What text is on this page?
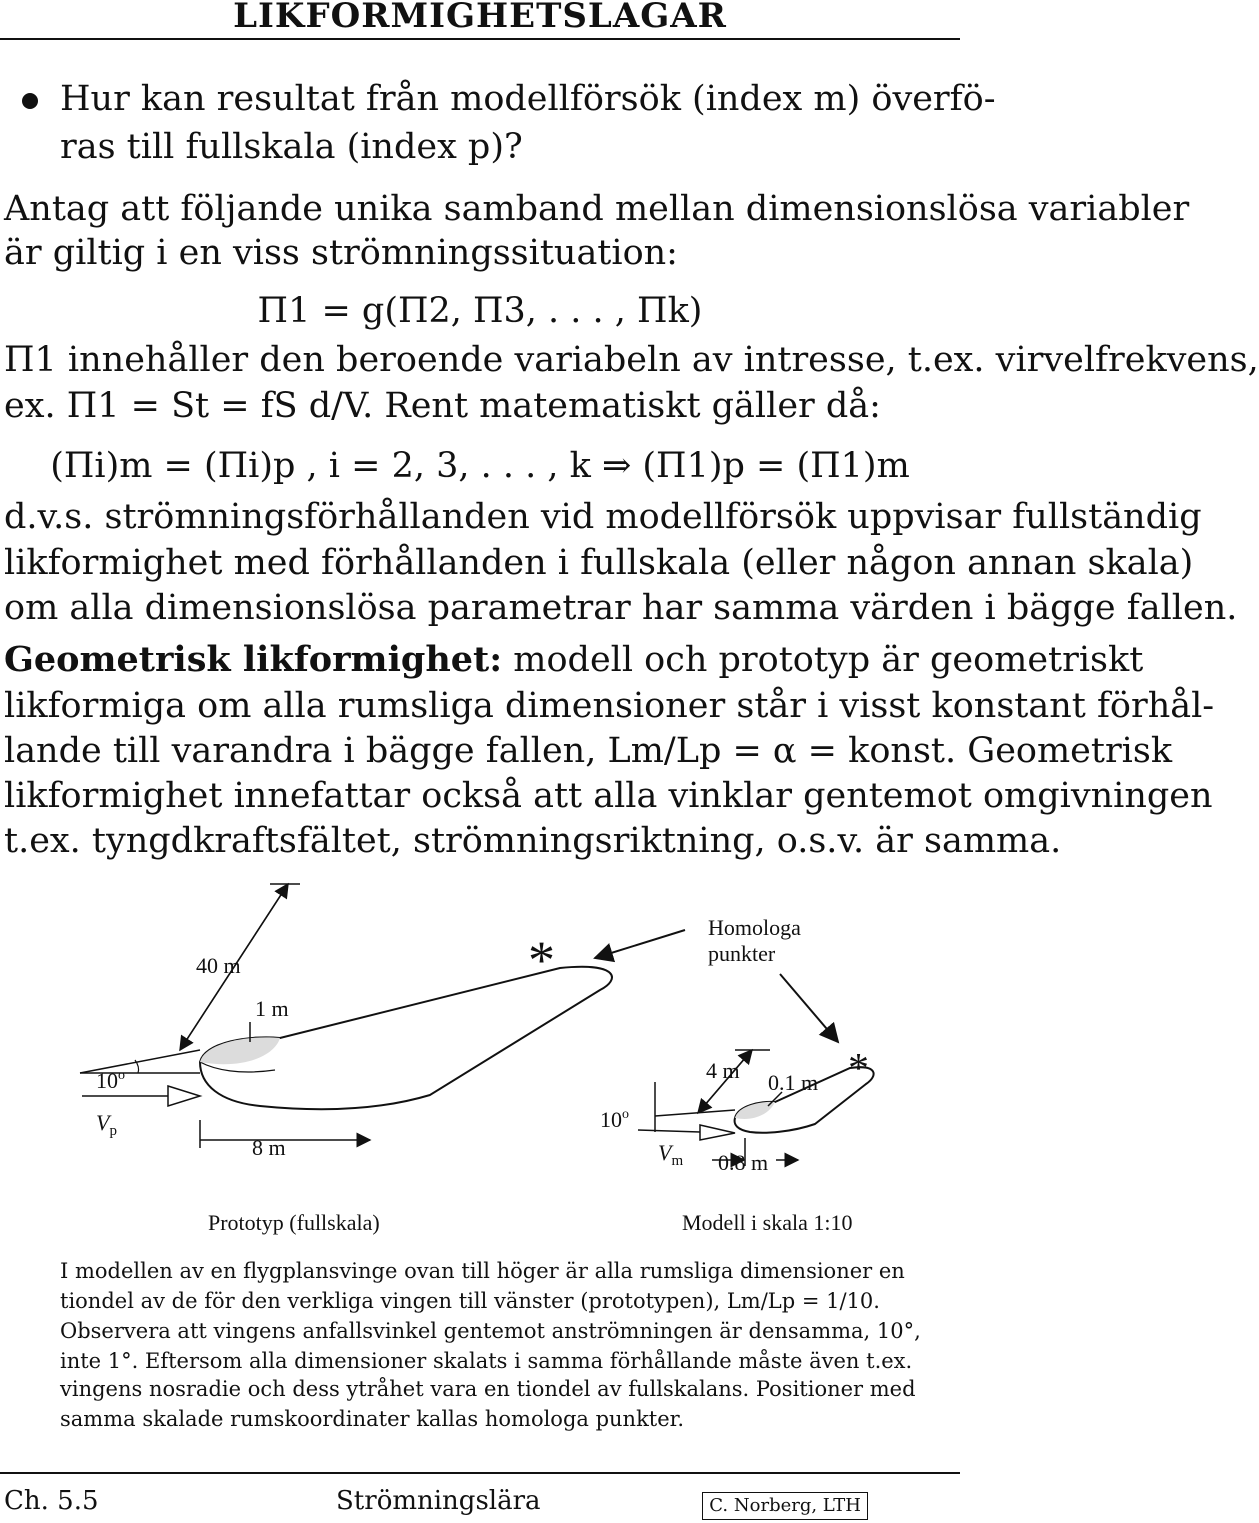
LIKFORMIGHETSLAGAR
Hur kan resultat från modellförsök (index m) överfö-
ras till fullskala (index p)?
Antag att följande unika samband mellan dimensionslösa variabler
är giltig i en viss strömningssituation:
Π1 = g(Π2, Π3, . . . , Πk)
Π1 innehåller den beroende variabeln av intresse, t.ex. virvelfrekvens,
ex. Π1 = St = fS d/V. Rent matematiskt gäller då:
(Πi)m = (Πi)p , i = 2, 3, . . . , k ⇒ (Π1)p = (Π1)m
d.v.s. strömningsförhållanden vid modellförsök uppvisar fullständig
likformighet med förhållanden i fullskala (eller någon annan skala)
om alla dimensionslösa parametrar har samma värden i bägge fallen.
Geometrisk likformighet: modell och prototyp är geometriskt
likformiga om alla rumsliga dimensioner står i visst konstant förhål-
lande till varandra i bägge fallen, Lm/Lp = α = konst. Geometrisk
likformighet innefattar också att alla vinklar gentemot omgivningen
t.ex. tyngdkraftsfältet, strömningsriktning, o.s.v. är samma.
40 m
1 m
8 m
10$^o$
$V_p$
*
Homologa
punkter
4 m 0.1 m *
0.8 m
10$^o$
$V_m$
Prototyp (fullskala)	Modell i skala 1:10
I modellen av en flygplansvinge ovan till höger är alla rumsliga dimensioner en
tiondel av de för den verkliga vingen till vänster (prototypen), Lm/Lp = 1/10.
Observera att vingens anfallsvinkel gentemot anströmningen är densamma, 10°,
inte 1°. Eftersom alla dimensioner skalats i samma förhållande måste även t.ex.
vingens nosradie och dess ytråhet vara en tiondel av fullskalans. Positioner med
samma skalade rumskoordinater kallas homologa punkter.
Ch. 5.5	Strömningslära	C. Norberg, LTH
